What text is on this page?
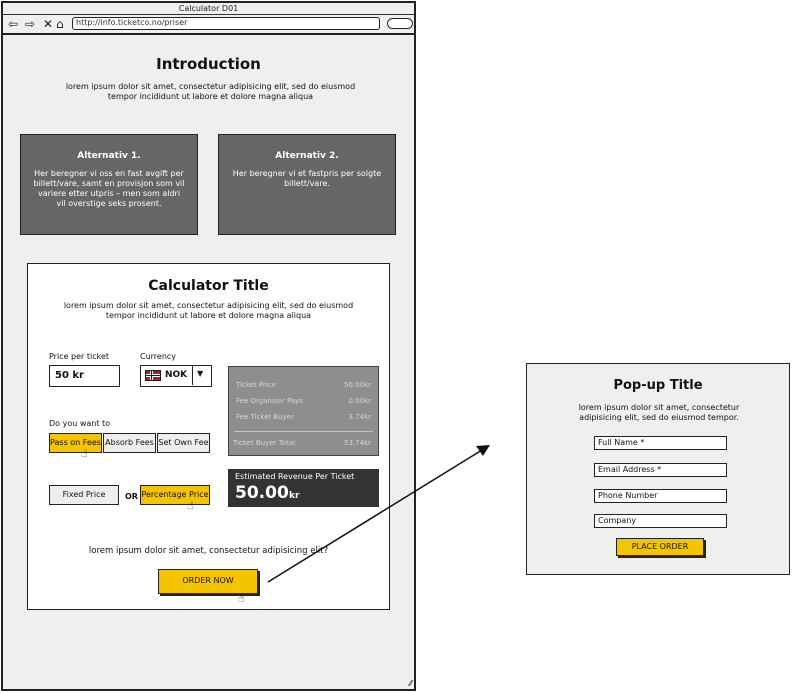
Calculator D01
⇦ ⇨ ✕ ⌂	http://info.ticketco.no/priser
Introduction
lorem ipsum dolor sit amet, consectetur adipisicing elit, sed do eiusmod
tempor incididunt ut labore et dolore magna aliqua
Alternativ 1.
Her beregner vi oss en fast avgift per billett/vare, samt en provisjon som vil variere etter utpris – men som aldri vil overstige seks prosent.
Alternativ 2.
Her beregner vi et fastpris per solgte billett/vare.
⁄⁄
Calculator Title
lorem ipsum dolor sit amet, consectetur adipisicing elit, sed do eiusmod
tempor incididunt ut labore et dolore magna aliqua
Price per ticket
50 kr
Currency
NOK ▼
Do you want to
Pass on Fees Absorb Fees Set Own Fee
☝
Fixed Price	OR Percentage Price
☝
Ticket Price	50.00kr
Fee Organizer Pays	0.00kr
Fee Ticket Buyer	3.74kr
Ticket Buyer Total	53.74kr
Estimated Revenue Per Ticket
50.00 kr
lorem ipsum dolor sit amet, consectetur adipisicing elit?
ORDER NOW
☝
Pop-up Title
lorem ipsum dolor sit amet, consectetur
adipisicing elit, sed do eiusmod tempor.
Full Name *
Email Address *
Phone Number
Company
PLACE ORDER
